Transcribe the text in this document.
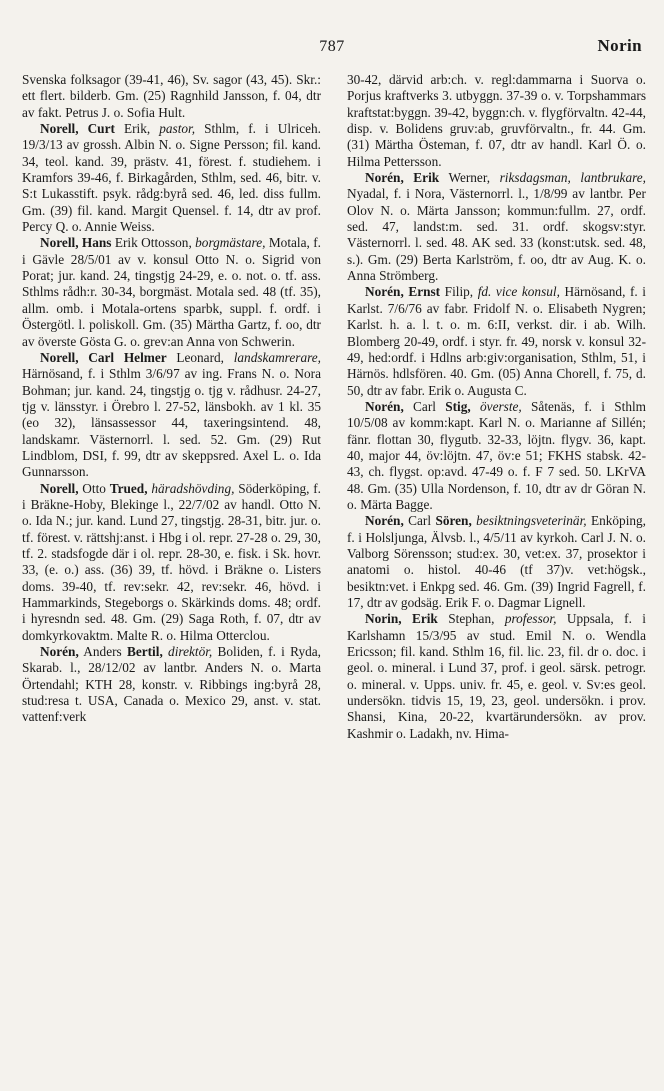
787	Norin

Svenska folksagor (39-41, 46), Sv. sagor (43, 45). Skr.: ett flert. bilderb. Gm. (25) Ragnhild Jansson, f. 04, dtr av fakt. Petrus J. o. Sofia Hult.

Norell, Curt Erik, pastor, Sthlm, f. i Ulriceh. 19/3/13 av grossh. Albin N. o. Signe Persson; fil. kand. 34, teol. kand. 39, prästv. 41, förest. f. studiehem. i Kramfors 39-46, f. Birkagården, Sthlm, sed. 46, bitr. v. S:t Lukasstift. psyk. rådg:byrå sed. 46, led. diss fullm. Gm. (39) fil. kand. Margit Quensel. f. 14, dtr av prof. Percy Q. o. Annie Weiss.

Norell, Hans Erik Ottosson, borgmästare, Motala, f. i Gävle 28/5/01 av v. konsul Otto N. o. Sigrid von Porat; jur. kand. 24, tingstjg 24-29, e. o. not. o. tf. ass. Sthlms rådh:r. 30-34, borgmäst. Motala sed. 48 (tf. 35), allm. omb. i Motala-ortens sparbk, suppl. f. ordf. i Östergötl. l. poliskoll. Gm. (35) Märtha Gartz, f. oo, dtr av överste Gösta G. o. grev:an Anna von Schwerin.

Norell, Carl Helmer Leonard, landskamrerare, Härnösand, f. i Sthlm 3/6/97 av ing. Frans N. o. Nora Bohman; jur. kand. 24, tingstjg o. tjg v. rådhusr. 24-27, tjg v. länsstyr. i Örebro l. 27-52, länsbokh. av 1 kl. 35 (eo 32), länsassessor 44, taxeringsintend. 48, landskamr. Västernorrl. l. sed. 52. Gm. (29) Rut Lindblom, DSI, f. 99, dtr av skeppsred. Axel L. o. Ida Gunnarsson.

Norell, Otto Trued, häradshövding, Söderköping, f. i Bräkne-Hoby, Blekinge l., 22/7/02 av handl. Otto N. o. Ida N.; jur. kand. Lund 27, tingstjg. 28-31, bitr. jur. o. tf. förest. v. rättshj:anst. i Hbg i ol. repr. 27-28 o. 29, 30, tf. 2. stadsfogde där i ol. repr. 28-30, e. fisk. i Sk. hovr. 33, (e. o.) ass. (36) 39, tf. hövd. i Bräkne o. Listers doms. 39-40, tf. rev:sekr. 42, rev:sekr. 46, hövd. i Hammarkinds, Stegeborgs o. Skärkinds doms. 48; ordf. i hyresndn sed. 48. Gm. (29) Saga Roth, f. 07, dtr av domkyrkovaktm. Malte R. o. Hilma Otterclou.

Norén, Anders Bertil, direktör, Boliden, f. i Ryda, Skarab. l., 28/12/02 av lantbr. Anders N. o. Marta Örtendahl; KTH 28, konstr. v. Ribbings ing:byrå 28, stud:resa t. USA, Canada o. Mexico 29, anst. v. stat. vattenf:verk

30-42, därvid arb:ch. v. regl:dammarna i Suorva o. Porjus kraftverks 3. utbyggn. 37-39 o. v. Torpshammars kraftstat:byggn. 39-42, byggn:ch. v. flygförvaltn. 42-44, disp. v. Bolidens gruv:ab, gruvförvaltn., fr. 44. Gm. (31) Märtha Östeman, f. 07, dtr av handl. Karl Ö. o. Hilma Pettersson.

Norén, Erik Werner, riksdagsman, lantbrukare, Nyadal, f. i Nora, Västernorrl. l., 1/8/99 av lantbr. Per Olov N. o. Märta Jansson; kommun:fullm. 27, ordf. sed. 47, landst:m. sed. 31. ordf. skogsv:styr. Västernorrl. l. sed. 48. AK sed. 33 (konst:utsk. sed. 48, s.). Gm. (29) Berta Karlström, f. oo, dtr av Aug. K. o. Anna Strömberg.

Norén, Ernst Filip, fd. vice konsul, Härnösand, f. i Karlst. 7/6/76 av fabr. Fridolf N. o. Elisabeth Nygren; Karlst. h. a. l. t. o. m. 6:II, verkst. dir. i ab. Wilh. Blomberg 20-49, ordf. i styr. fr. 49, norsk v. konsul 32-49, hed:ordf. i Hdlns arb:giv:organisation, Sthlm, 51, i Härnös. hdlsfören. 40. Gm. (05) Anna Chorell, f. 75, d. 50, dtr av fabr. Erik o. Augusta C.

Norén, Carl Stig, överste, Såtenäs, f. i Sthlm 10/5/08 av komm:kapt. Karl N. o. Marianne af Sillén; fänr. flottan 30, flygutb. 32-33, löjtn. flygv. 36, kapt. 40, major 44, öv:löjtn. 47, öv:e 51; FKHS stabsk. 42-43, ch. flygst. op:avd. 47-49 o. f. F 7 sed. 50. LKrVA 48. Gm. (35) Ulla Nordenson, f. 10, dtr av dr Göran N. o. Märta Bagge.

Norén, Carl Sören, besiktningsveterinär, Enköping, f. i Holsljunga, Älvsb. l., 4/5/11 av kyrkoh. Carl J. N. o. Valborg Sörensson; stud:ex. 30, vet:ex. 37, prosektor i anatomi o. histol. 40-46 (tf 37)v. vet:högsk., besiktn:vet. i Enkpg sed. 46. Gm. (39) Ingrid Fagrell, f. 17, dtr av godsäg. Erik F. o. Dagmar Lignell.

Norin, Erik Stephan, professor, Uppsala, f. i Karlshamn 15/3/95 av stud. Emil N. o. Wendla Ericsson; fil. kand. Sthlm 16, fil. lic. 23, fil. dr o. doc. i geol. o. mineral. i Lund 37, prof. i geol. särsk. petrogr. o. mineral. v. Upps. univ. fr. 45, e. geol. v. Sv:es geol. undersökn. tidvis 15, 19, 23, geol. undersökn. i prov. Shansi, Kina, 20-22, kvartärundersökn. av prov. Kashmir o. Ladakh, nv. Hima-
